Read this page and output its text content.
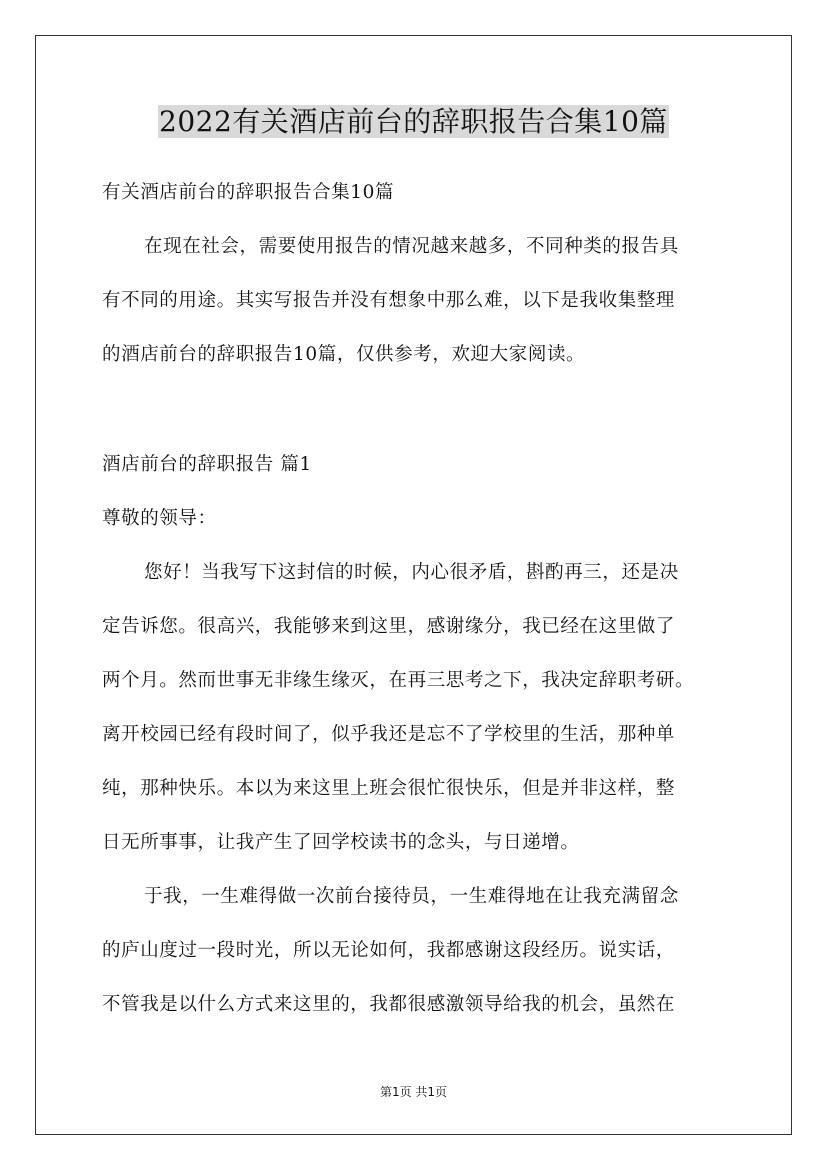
2022有关酒店前台的辞职报告合集10篇
有关酒店前台的辞职报告合集10篇
在现在社会，需要使用报告的情况越来越多，不同种类的报告具
有不同的用途。其实写报告并没有想象中那么难，以下是我收集整理
的酒店前台的辞职报告10篇，仅供参考，欢迎大家阅读。
酒店前台的辞职报告 篇1
尊敬的领导：
您好！当我写下这封信的时候，内心很矛盾，斟酌再三，还是决
定告诉您。很高兴，我能够来到这里，感谢缘分，我已经在这里做了
两个月。然而世事无非缘生缘灭，在再三思考之下，我决定辞职考研。
离开校园已经有段时间了，似乎我还是忘不了学校里的生活，那种单
纯，那种快乐。本以为来这里上班会很忙很快乐，但是并非这样，整
日无所事事，让我产生了回学校读书的念头，与日递增。
于我，一生难得做一次前台接待员，一生难得地在让我充满留念
的庐山度过一段时光，所以无论如何，我都感谢这段经历。说实话，
不管我是以什么方式来这里的，我都很感激领导给我的机会，虽然在
第1页 共1页
